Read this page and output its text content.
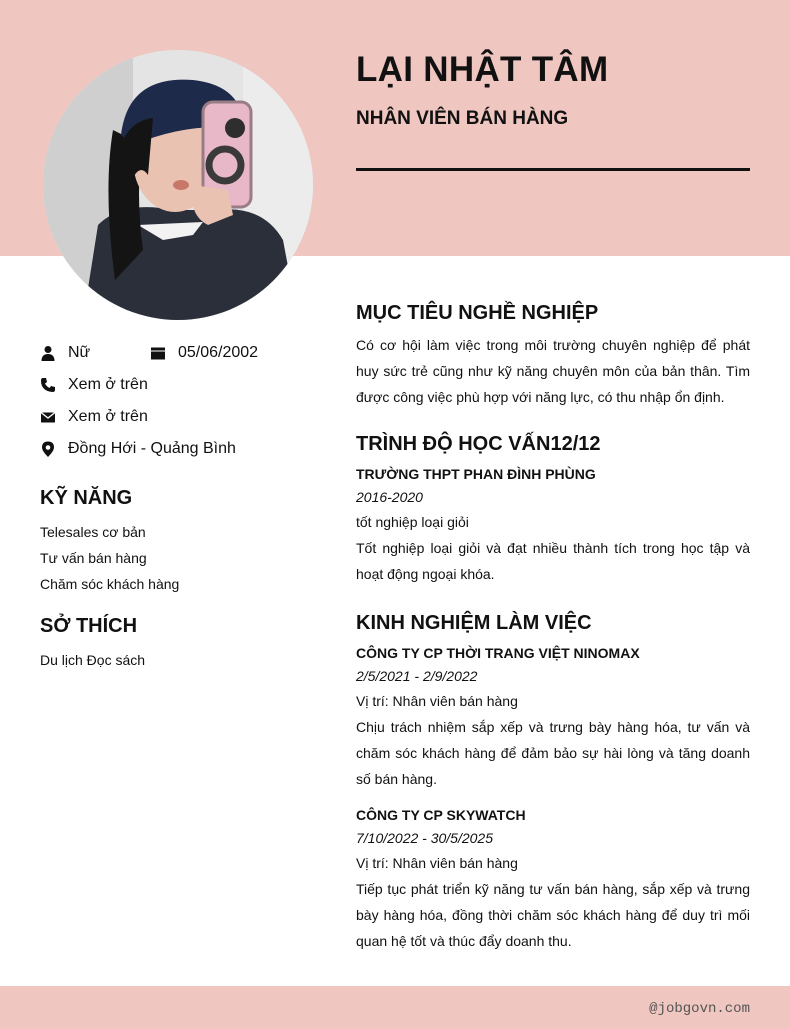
LẠI NHẬT TÂM
NHÂN VIÊN BÁN HÀNG
Nữ	05/06/2002
Xem ở trên
Xem ở trên
Đồng Hới - Quảng Bình
KỸ NĂNG
Telesales cơ bản
Tư vấn bán hàng
Chăm sóc khách hàng
SỞ THÍCH
Du lịch Đọc sách
MỤC TIÊU NGHỀ NGHIỆP

Có cơ hội làm việc trong môi trường chuyên nghiệp để phát huy sức trẻ cũng như kỹ năng chuyên môn của bản thân. Tìm được công việc phù hợp với năng lực, có thu nhập ổn định.

TRÌNH ĐỘ HỌC VẤN12/12

TRƯỜNG THPT PHAN ĐÌNH PHÙNG

2016-2020

tốt nghiệp loại giỏi

Tốt nghiệp loại giỏi và đạt nhiều thành tích trong học tập và hoạt động ngoại khóa.

KINH NGHIỆM LÀM VIỆC

CÔNG TY CP THỜI TRANG VIỆT NINOMAX

2/5/2021 - 2/9/2022

Vị trí: Nhân viên bán hàng

Chịu trách nhiệm sắp xếp và trưng bày hàng hóa, tư vấn và chăm sóc khách hàng để đảm bảo sự hài lòng và tăng doanh số bán hàng.

CÔNG TY CP SKYWATCH

7/10/2022 - 30/5/2025

Vị trí: Nhân viên bán hàng

Tiếp tục phát triển kỹ năng tư vấn bán hàng, sắp xếp và trưng bày hàng hóa, đồng thời chăm sóc khách hàng để duy trì mối quan hệ tốt và thúc đẩy doanh thu.

@jobgovn.com
